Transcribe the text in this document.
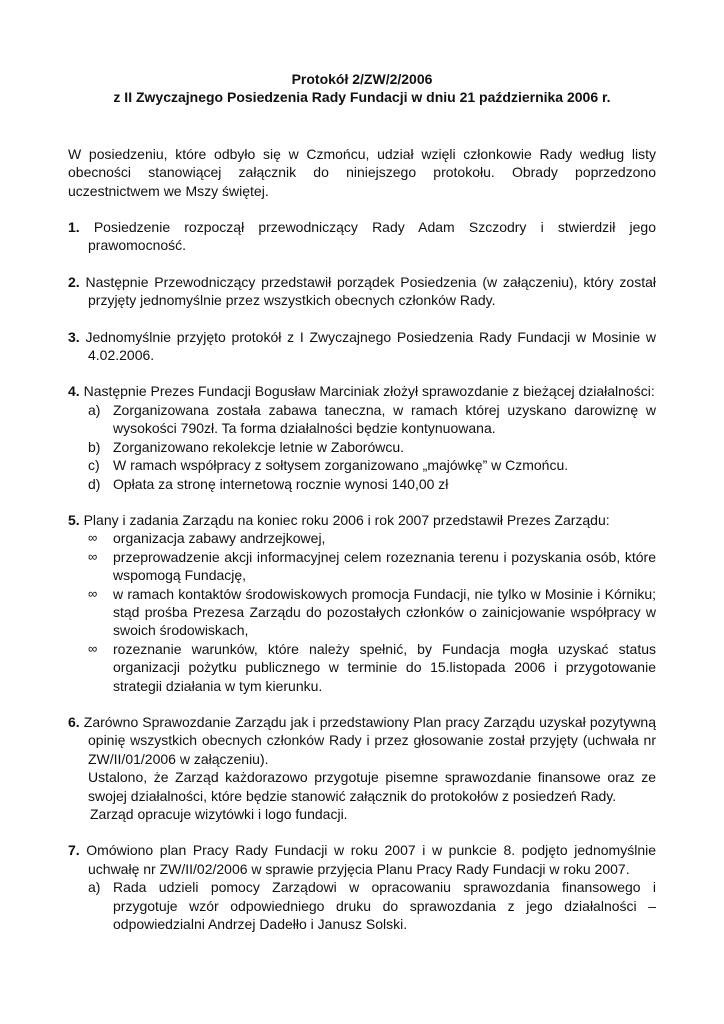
Protokół 2/ZW/2/2006

z II Zwyczajnego Posiedzenia Rady Fundacji w dniu 21 października 2006 r.

W posiedzeniu, które odbyło się w Czmońcu, udział wzięli członkowie Rady według listy obecności stanowiącej załącznik do niniejszego protokołu. Obrady poprzedzono uczestnictwem we Mszy świętej.

1. Posiedzenie rozpoczął przewodniczący Rady Adam Szczodry i stwierdził jego prawomocność.
2. Następnie Przewodniczący przedstawił porządek Posiedzenia (w załączeniu), który został przyjęty jednomyślnie przez wszystkich obecnych członków Rady.
3. Jednomyślnie przyjęto protokół z I Zwyczajnego Posiedzenia Rady Fundacji w Mosinie w 4.02.2006.
4. Następnie Prezes Fundacji Bogusław Marciniak złożył sprawozdanie z bieżącej działalności:
a) Zorganizowana została zabawa taneczna, w ramach której uzyskano darowiznę w wysokości 790zł. Ta forma działalności będzie kontynuowana.
b) Zorganizowano rekolekcje letnie w Zaborówcu.
c) W ramach współpracy z sołtysem zorganizowano „majówkę” w Czmońcu.
d) Opłata za stronę internetową rocznie wynosi 140,00 zł
5. Plany i zadania Zarządu na koniec roku 2006 i rok 2007 przedstawił Prezes Zarządu:
∞ organizacja zabawy andrzejkowej,
∞ przeprowadzenie akcji informacyjnej celem rozeznania terenu i pozyskania osób, które wspomogą Fundację,
∞ w ramach kontaktów środowiskowych promocja Fundacji, nie tylko w Mosinie i Kórniku; stąd prośba Prezesa Zarządu do pozostałych członków o zainicjowanie współpracy w swoich środowiskach,
∞ rozeznanie warunków, które należy spełnić, by Fundacja mogła uzyskać status organizacji pożytku publicznego w terminie do 15.listopada 2006 i przygotowanie strategii działania w tym kierunku.
6. Zarówno Sprawozdanie Zarządu jak i przedstawiony Plan pracy Zarządu uzyskał pozytywną opinię wszystkich obecnych członków Rady i przez głosowanie został przyjęty (uchwała nr ZW/II/01/2006 w załączeniu).
Ustalono, że Zarząd każdorazowo przygotuje pisemne sprawozdanie finansowe oraz ze swojej działalności, które będzie stanowić załącznik do protokołów z posiedzeń Rady.
Zarząd opracuje wizytówki i logo fundacji.
7. Omówiono plan Pracy Rady Fundacji w roku 2007 i w punkcie 8. podjęto jednomyślnie uchwałę nr ZW/II/02/2006 w sprawie przyjęcia Planu Pracy Rady Fundacji w roku 2007.
a) Rada udzieli pomocy Zarządowi w opracowaniu sprawozdania finansowego i przygotuje wzór odpowiedniego druku do sprawozdania z jego działalności – odpowiedzialni Andrzej Dadełło i Janusz Solski.
